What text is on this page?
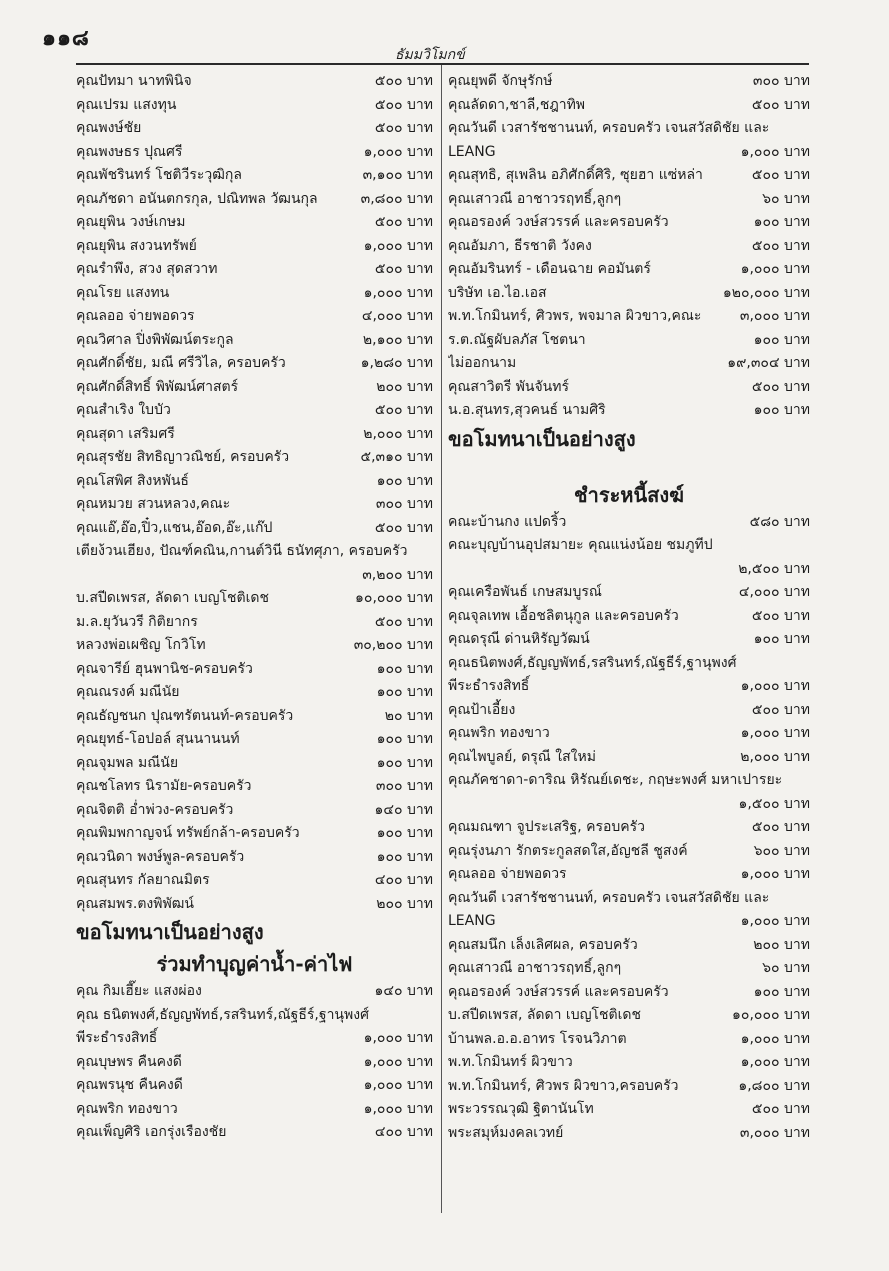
๑๑๘
ธัมมวิโมกข์
คุณปัทมา นาทพินิจ	๕๐๐ บาท
คุณเปรม แสงทุน	๕๐๐ บาท
คุณพงษ์ชัย	๕๐๐ บาท
คุณพงษธร ปุณศรี	๑,๐๐๐ บาท
คุณพัชรินทร์ โชติวีระวุฒิกุล	๓,๑๐๐ บาท
คุณภัชดา อนันตกรกุล, ปณิทพล วัฒนกุล	๓,๘๐๐ บาท
คุณยุพิน วงษ์เกษม	๕๐๐ บาท
คุณยุพิน สงวนทรัพย์	๑,๐๐๐ บาท
คุณรำพึง, สวง สุดสวาท	๕๐๐ บาท
คุณโรย แสงทน	๑,๐๐๐ บาท
คุณลออ จ่ายพอดวร	๔,๐๐๐ บาท
คุณวิศาล ปิ่งพิพัฒน์ตระกูล	๒,๑๐๐ บาท
คุณศักดิ์ชัย, มณี ศรีวิไล, ครอบครัว	๑,๒๘๐ บาท
คุณศักดิ์สิทธิ์ พิพัฒน์ศาสตร์	๒๐๐ บาท
คุณสำเริง ใบบัว	๕๐๐ บาท
คุณสุดา เสริมศรี	๒,๐๐๐ บาท
คุณสุรชัย สิทธิญาวณิชย์, ครอบครัว	๕,๓๑๐ บาท
คุณโสพิศ สิงหพันธ์	๑๐๐ บาท
คุณหมวย สวนหลวง,คณะ	๓๐๐ บาท
คุณแอ๊,อ๊อ,ปิ๋ว,แชน,อ๊อด,อ๊ะ,แก๊ป	๕๐๐ บาท
เตียง้วนเฮียง, ปัณฑ์คณิน,กานต์วินี ธนัทศุภา, ครอบครัว
๓,๒๐๐ บาท
บ.สปีดเพรส, ลัดดา เบญโชติเดช	๑๐,๐๐๐ บาท
ม.ล.ยุวันวรี กิติยากร	๕๐๐ บาท
หลวงพ่อเผชิญ โกวิโท	๓๐,๒๐๐ บาท
คุณจารีย์ ฮุนพานิช-ครอบครัว	๑๐๐ บาท
คุณณรงค์ มณีนัย	๑๐๐ บาท
คุณธัญชนก ปุณฑรัตนนท์-ครอบครัว	๒๐ บาท
คุณยุทธ์-โอปอล์ สุนนานนท์	๑๐๐ บาท
คุณจุมพล มณีนัย	๑๐๐ บาท
คุณชโลทร นิรามัย-ครอบครัว	๓๐๐ บาท
คุณจิตติ อ่ำพ่วง-ครอบครัว	๑๔๐ บาท
คุณพิมพกาญจน์ ทรัพย์กล้า-ครอบครัว	๑๐๐ บาท
คุณวนิดา พงษ์พูล-ครอบครัว	๑๐๐ บาท
คุณสุนทร กัลยาณมิตร	๔๐๐ บาท
คุณสมพร.ตงพิพัฒน์	๒๐๐ บาท
ขอโมทนาเป็นอย่างสูง
ร่วมทำบุญค่าน้ำ-ค่าไฟ
คุณ กิมเฮี๊ยะ แสงผ่อง	๑๔๐ บาท
คุณ ธนิตพงศ์,ธัญญพัทธ์,รสรินทร์,ณัฐธีร์,ฐานุพงศ์
พีระธำรงสิทธิ์	๑,๐๐๐ บาท
คุณบุษพร คืนคงดี	๑,๐๐๐ บาท
คุณพรนุช คืนคงดี	๑,๐๐๐ บาท
คุณพริก ทองขาว	๑,๐๐๐ บาท
คุณเพ็ญศิริ เอกรุ่งเรืองชัย	๔๐๐ บาท
คุณยุพดี จักษุรักษ์	๓๐๐ บาท
คุณลัดดา,ชาลี,ชฎาทิพ	๕๐๐ บาท
คุณวันดี เวสารัชชานนท์, ครอบครัว เจนสวัสดิชัย และ
LEANG	๑,๐๐๐ บาท
คุณสุทธิ, สุเพลิน อภิศักดิ์ศิริ, ซุยฮา แซ่หล่า	๕๐๐ บาท
คุณเสาวณี อาชาวรฤทธิ์,ลูกๆ	๖๐ บาท
คุณอรองค์ วงษ์สวรรค์ และครอบครัว	๑๐๐ บาท
คุณอัมภา, ธีรชาติ วังคง	๕๐๐ บาท
คุณอัมรินทร์ - เดือนฉาย คอมันตร์	๑,๐๐๐ บาท
บริษัท เอ.ไอ.เอส	๑๒๐,๐๐๐ บาท
พ.ท.โกมินทร์, ศิวพร, พจมาล ผิวขาว,คณะ	๓,๐๐๐ บาท
ร.ต.ณัฐผับลภัส โชตนา	๑๐๐ บาท
ไม่ออกนาม	๑๙,๓๐๔ บาท
คุณสาวิตรี พันจันทร์	๕๐๐ บาท
น.อ.สุนทร,สุวคนธ์ นามศิริ	๑๐๐ บาท
ขอโมทนาเป็นอย่างสูง
ชำระหนี้สงฆ์
คณะบ้านกง แปดริ้ว	๕๘๐ บาท
คณะบุญบ้านอุปสมายะ คุณแน่งน้อย ชมภูทีป
๒,๕๐๐ บาท
คุณเครือพันธ์ เกษสมบูรณ์	๔,๐๐๐ บาท
คุณจุลเทพ เอื้อชลิตนุกูล และครอบครัว	๕๐๐ บาท
คุณดรุณี ด่านหิรัญวัฒน์	๑๐๐ บาท
คุณธนิตพงศ์,ธัญญพัทธ์,รสรินทร์,ณัฐธีร์,ฐานุพงศ์
พีระธำรงสิทธิ์	๑,๐๐๐ บาท
คุณป้าเอี้ยง	๕๐๐ บาท
คุณพริก ทองขาว	๑,๐๐๐ บาท
คุณไพบูลย์, ดรุณี ใสใหม่	๒,๐๐๐ บาท
คุณภัคชาดา-ดาริณ หิรัณย์เดชะ, กฤษะพงศ์ มหาเปารยะ
๑,๕๐๐ บาท
คุณมณฑา จูประเสริฐ, ครอบครัว	๕๐๐ บาท
คุณรุ่งนภา รักตระกูลสดใส,อัญชลี ชูสงค์	๖๐๐ บาท
คุณลออ จ่ายพอดวร	๑,๐๐๐ บาท
คุณวันดี เวสารัชชานนท์, ครอบครัว เจนสวัสดิชัย และ
LEANG	๑,๐๐๐ บาท
คุณสมนึก เล็งเลิศผล, ครอบครัว	๒๐๐ บาท
คุณเสาวณี อาชาวรฤทธิ์,ลูกๆ	๖๐ บาท
คุณอรองค์ วงษ์สวรรค์ และครอบครัว	๑๐๐ บาท
บ.สปีดเพรส, ลัดดา เบญโชติเดช	๑๐,๐๐๐ บาท
บ้านพล.อ.อ.อาทร โรจนวิภาต	๑,๐๐๐ บาท
พ.ท.โกมินทร์ ผิวขาว	๑,๐๐๐ บาท
พ.ท.โกมินทร์, ศิวพร ผิวขาว,ครอบครัว	๑,๘๐๐ บาท
พระวรรณวุฒิ ฐิตานันโท	๕๐๐ บาท
พระสมุห์มงคลเวทย์	๓,๐๐๐ บาท
